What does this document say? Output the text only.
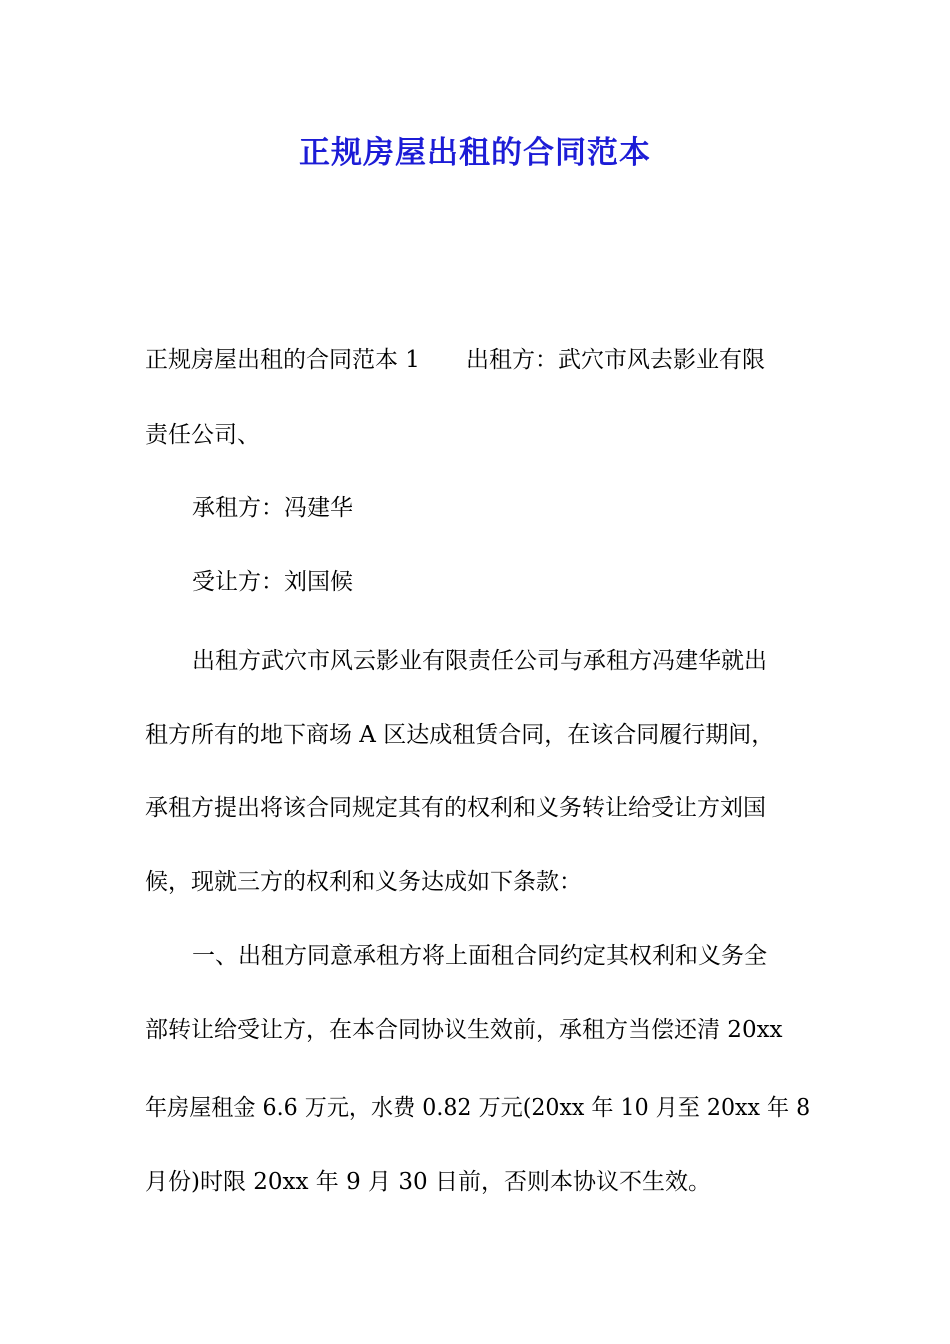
正规房屋出租的合同范本
正规房屋出租的合同范本 1　　出租方：武穴市风去影业有限
责任公司、
承租方：冯建华
受让方：刘国候
出租方武穴市风云影业有限责任公司与承租方冯建华就出
租方所有的地下商场 A 区达成租赁合同，在该合同履行期间，
承租方提出将该合同规定其有的权利和义务转让给受让方刘国
候，现就三方的权利和义务达成如下条款：
一、出租方同意承租方将上面租合同约定其权利和义务全
部转让给受让方，在本合同协议生效前，承租方当偿还清 20xx
年房屋租金 6.6 万元，水费 0.82 万元(20xx 年 10 月至 20xx 年 8
月份)时限 20xx 年 9 月 30 日前，否则本协议不生效。
